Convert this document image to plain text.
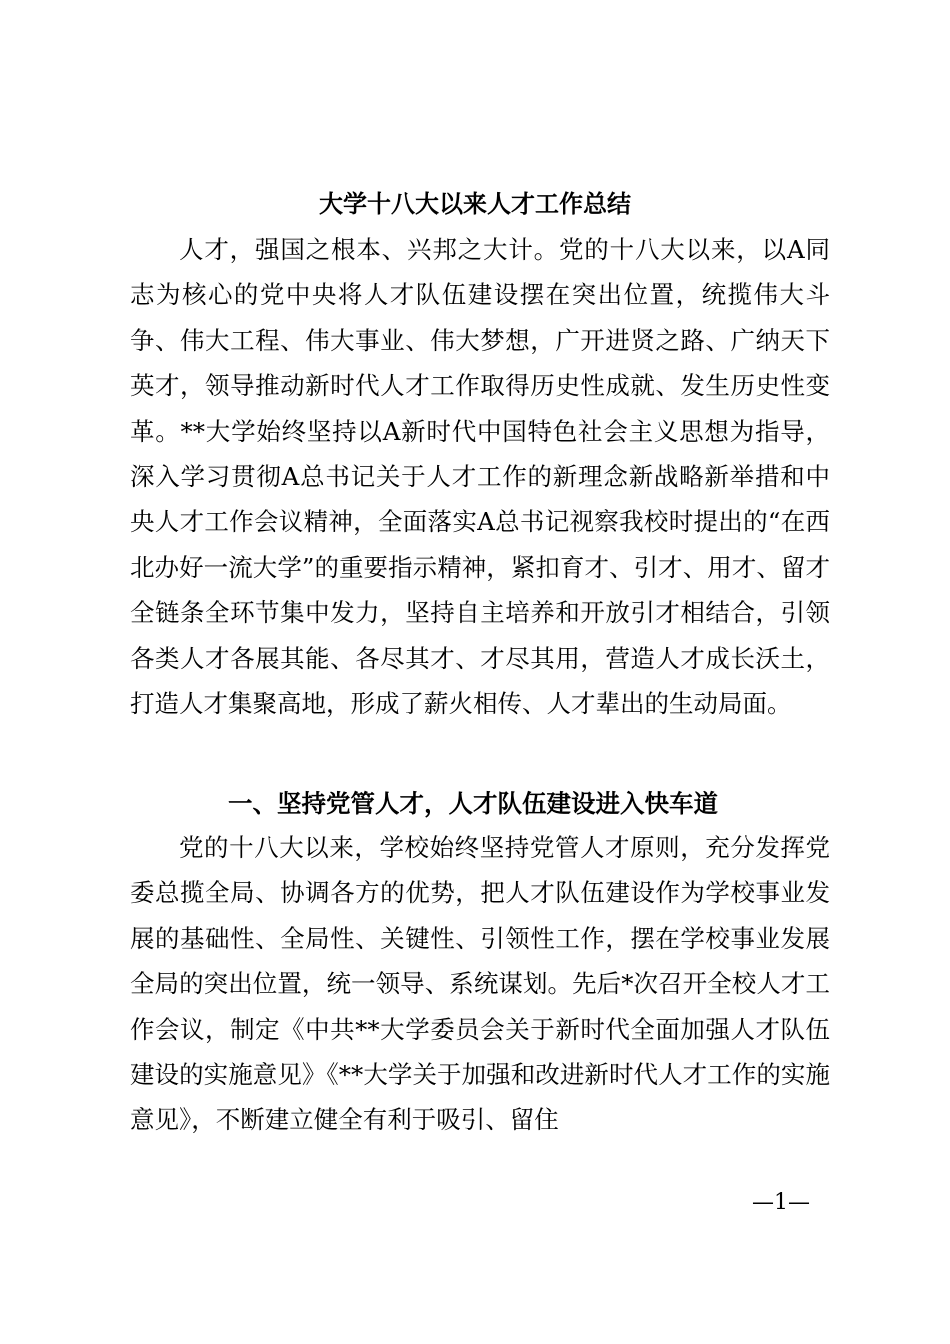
大学十八大以来人才工作总结

人才，强国之根本、兴邦之大计。党的十八大以来，以A同志为核心的党中央将人才队伍建设摆在突出位置，统揽伟大斗争、伟大工程、伟大事业、伟大梦想，广开进贤之路、广纳天下英才，领导推动新时代人才工作取得历史性成就、发生历史性变革。**大学始终坚持以A新时代中国特色社会主义思想为指导，深入学习贯彻A总书记关于人才工作的新理念新战略新举措和中央人才工作会议精神，全面落实A总书记视察我校时提出的“在西北办好一流大学”的重要指示精神，紧扣育才、引才、用才、留才全链条全环节集中发力，坚持自主培养和开放引才相结合，引领各类人才各展其能、各尽其才、才尽其用，营造人才成长沃土，打造人才集聚高地，形成了薪火相传、人才辈出的生动局面。

一、坚持党管人才，人才队伍建设进入快车道

党的十八大以来，学校始终坚持党管人才原则，充分发挥党委总揽全局、协调各方的优势，把人才队伍建设作为学校事业发展的基础性、全局性、关键性、引领性工作，摆在学校事业发展全局的突出位置，统一领导、系统谋划。先后*次召开全校人才工作会议，制定《中共**大学委员会关于新时代全面加强人才队伍建设的实施意见》《**大学关于加强和改进新时代人才工作的实施意见》，不断建立健全有利于吸引、留住

—1—
